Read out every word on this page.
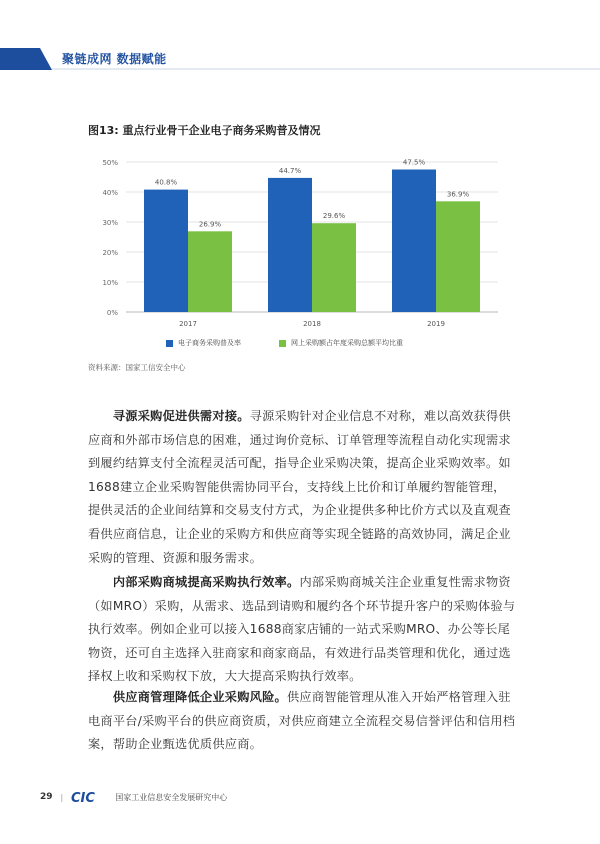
聚链成网 数据赋能
图13: 重点行业骨干企业电子商务采购普及情况
0%
10%
20%
30%
40%
50%
40.8%
26.9%
2017
44.7%
29.6%
2018
47.5%
36.9%
2019
电子商务采购普及率	网上采购额占年度采购总额平均比重
资料来源：国家工信安全中心
  寻源采购促进供需对接。寻源采购针对企业信息不对称，难以高效获得供应商和外部市场信息的困难，通过询价竞标、订单管理等流程自动化实现需求到履约结算支付全流程灵活可配，指导企业采购决策，提高企业采购效率。如1688建立企业采购智能供需协同平台，支持线上比价和订单履约智能管理，提供灵活的企业间结算和交易支付方式，为企业提供多种比价方式以及直观查看供应商信息，让企业的采购方和供应商等实现全链路的高效协同，满足企业采购的管理、资源和服务需求。
  内部采购商城提高采购执行效率。内部采购商城关注企业重复性需求物资（如MRO）采购，从需求、选品到请购和履约各个环节提升客户的采购体验与执行效率。例如企业可以接入1688商家店铺的一站式采购MRO、办公等长尾物资，还可自主选择入驻商家和商家商品，有效进行品类管理和优化，通过选择权上收和采购权下放，大大提高采购执行效率。
  供应商管理降低企业采购风险。供应商智能管理从准入开始严格管理入驻电商平台/采购平台的供应商资质，对供应商建立全流程交易信誉评估和信用档案，帮助企业甄选优质供应商。
29 | CIC	国家工业信息安全发展研究中心
